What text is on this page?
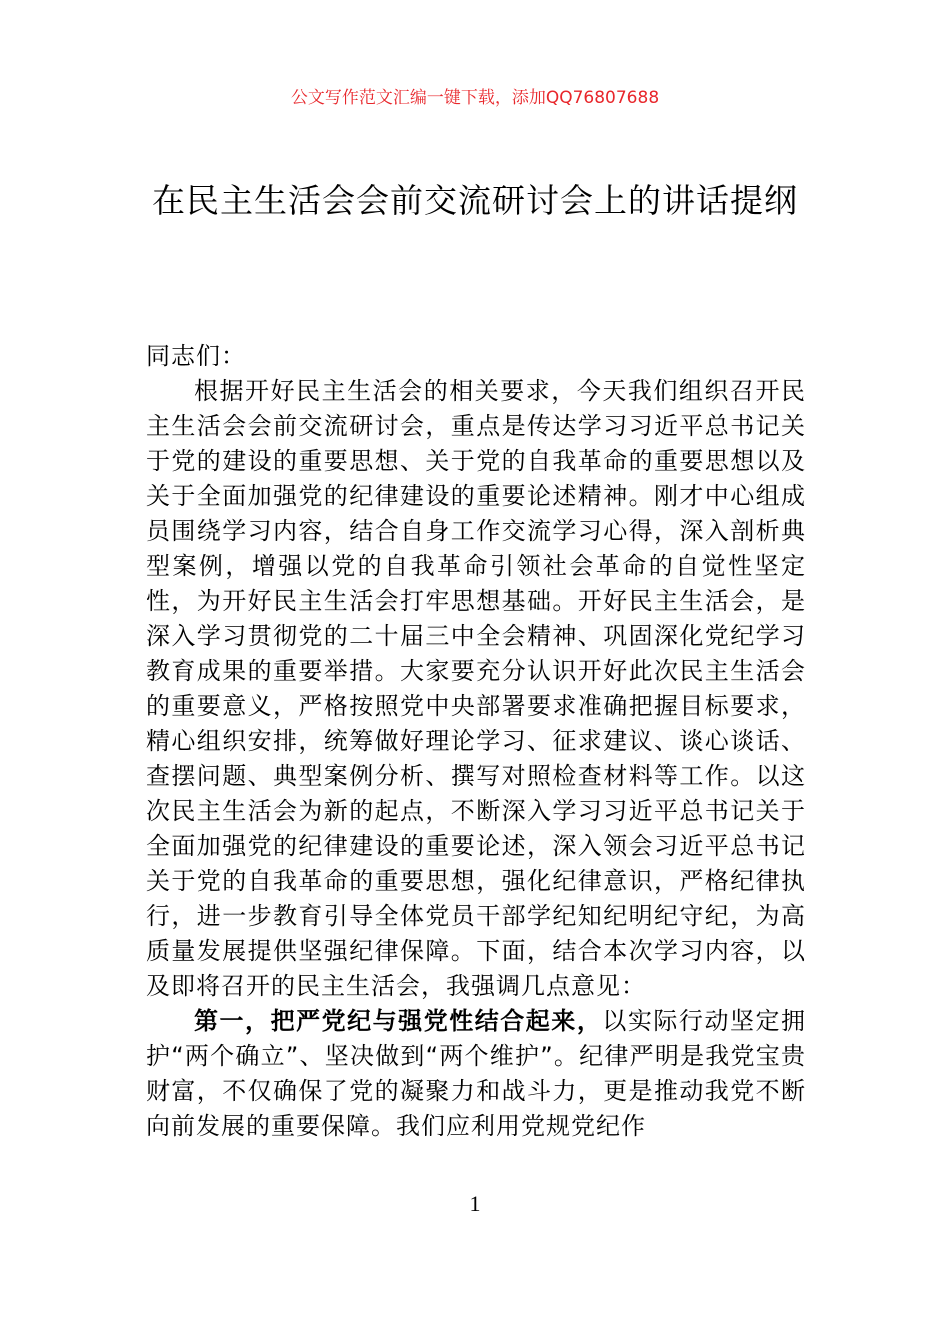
公文写作范文汇编一键下载，添加QQ76807688
在民主生活会会前交流研讨会上的讲话提纲

同志们：

根据开好民主生活会的相关要求，今天我们组织召开民主生活会会前交流研讨会，重点是传达学习习近平总书记关于党的建设的重要思想、关于党的自我革命的重要思想以及关于全面加强党的纪律建设的重要论述精神。刚才中心组成员围绕学习内容，结合自身工作交流学习心得，深入剖析典型案例，增强以党的自我革命引领社会革命的自觉性坚定性，为开好民主生活会打牢思想基础。开好民主生活会，是深入学习贯彻党的二十届三中全会精神、巩固深化党纪学习教育成果的重要举措。大家要充分认识开好此次民主生活会的重要意义，严格按照党中央部署要求准确把握目标要求，精心组织安排，统筹做好理论学习、征求建议、谈心谈话、查摆问题、典型案例分析、撰写对照检查材料等工作。以这次民主生活会为新的起点，不断深入学习习近平总书记关于全面加强党的纪律建设的重要论述，深入领会习近平总书记关于党的自我革命的重要思想，强化纪律意识，严格纪律执行，进一步教育引导全体党员干部学纪知纪明纪守纪，为高质量发展提供坚强纪律保障。下面，结合本次学习内容，以及即将召开的民主生活会，我强调几点意见：

第一，把严党纪与强党性结合起来，以实际行动坚定拥护“两个确立”、坚决做到“两个维护”。纪律严明是我党宝贵财富，不仅确保了党的凝聚力和战斗力，更是推动我党不断向前发展的重要保障。我们应利用党规党纪作

1
